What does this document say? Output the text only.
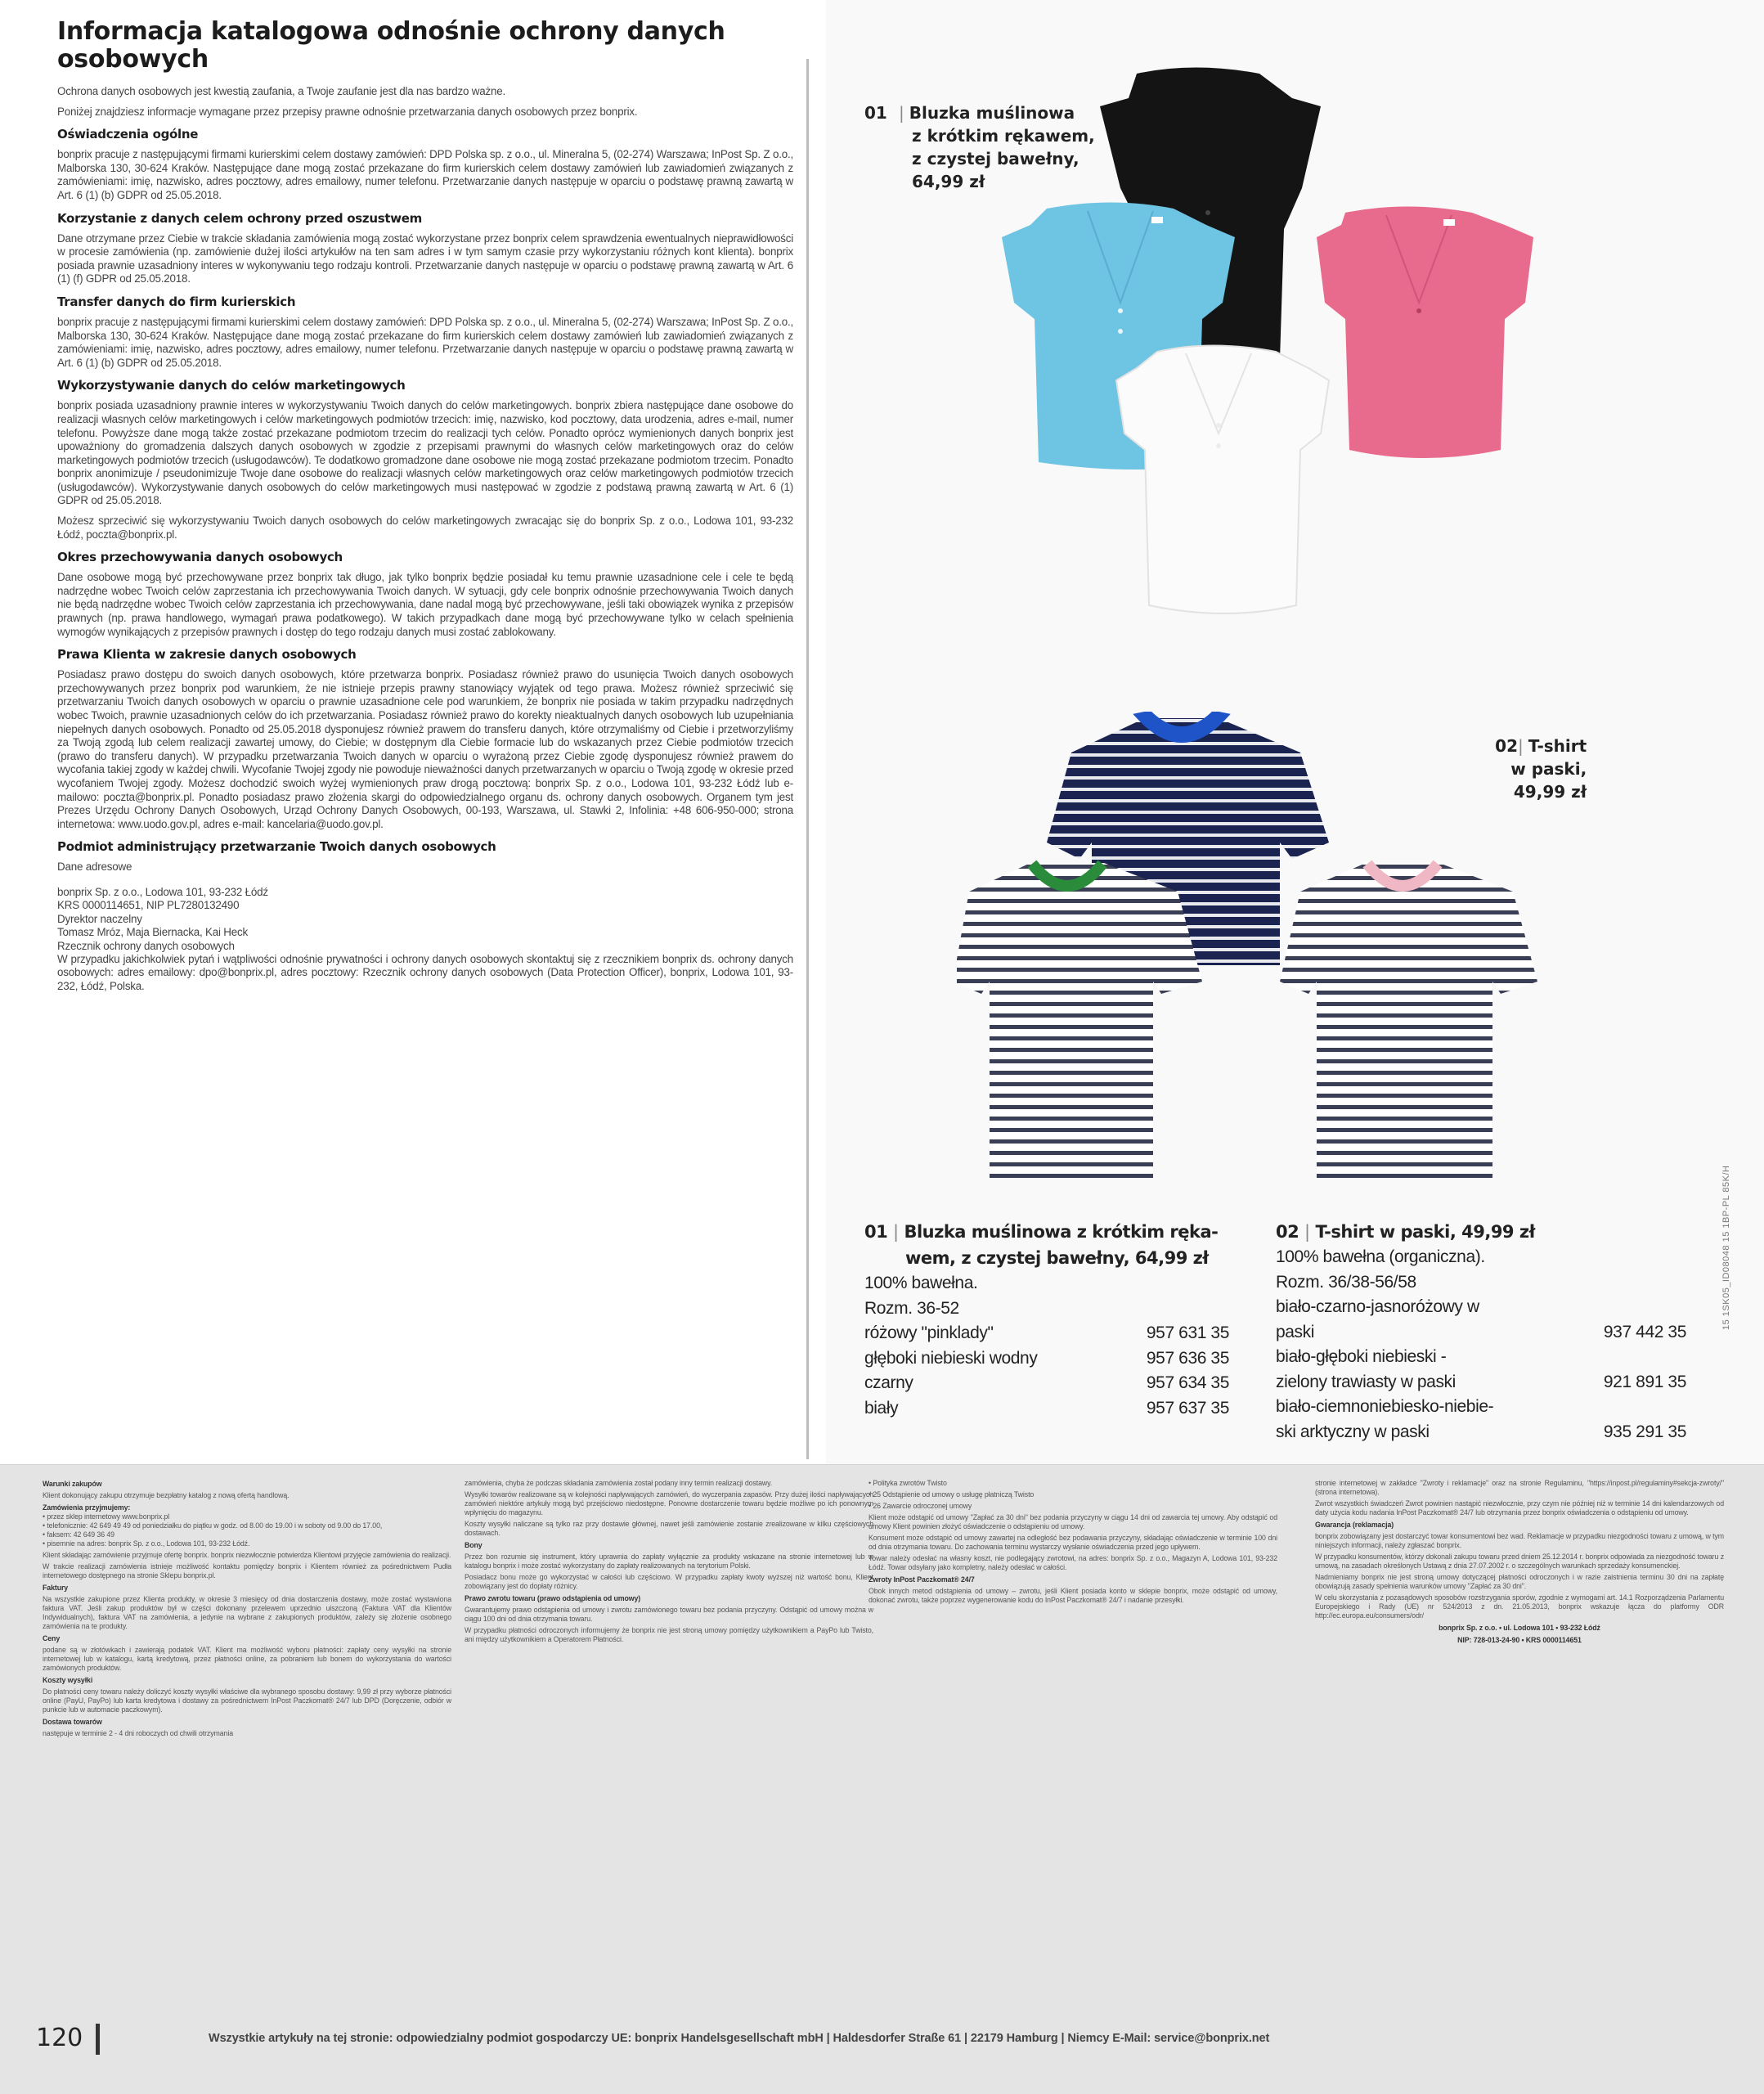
Informacja katalogowa odnośnie ochrony danych osobowych

Ochrona danych osobowych jest kwestią zaufania, a Twoje zaufanie jest dla nas bardzo ważne.

Poniżej znajdziesz informacje wymagane przez przepisy prawne odnośnie przetwarzania danych osobowych przez bonprix.

Oświadczenia ogólne

bonprix pracuje z następującymi firmami kurierskimi celem dostawy zamówień: DPD Polska sp. z o.o., ul. Mineralna 5, (02-274) Warszawa; InPost Sp. Z o.o., Malborska 130, 30-624 Kraków. Następujące dane mogą zostać przekazane do firm kurierskich celem dostawy zamówień lub zawiadomień związanych z zamówieniami: imię, nazwisko, adres pocztowy, adres emailowy, numer telefonu. Przetwarzanie danych następuje w oparciu o podstawę prawną zawartą w Art. 6 (1) (b) GDPR od 25.05.2018.

Korzystanie z danych celem ochrony przed oszustwem

Dane otrzymane przez Ciebie w trakcie składania zamówienia mogą zostać wykorzystane przez bonprix celem sprawdzenia ewentualnych nieprawidłowości w procesie zamówienia (np. zamówienie dużej ilości artykułów na ten sam adres i w tym samym czasie przy wykorzystaniu różnych kont klienta). bonprix posiada prawnie uzasadniony interes w wykonywaniu tego rodzaju kontroli. Przetwarzanie danych następuje w oparciu o podstawę prawną zawartą w Art. 6 (1) (f) GDPR od 25.05.2018.

Transfer danych do firm kurierskich

bonprix pracuje z następującymi firmami kurierskimi celem dostawy zamówień: DPD Polska sp. z o.o., ul. Mineralna 5, (02-274) Warszawa; InPost Sp. Z o.o., Malborska 130, 30-624 Kraków. Następujące dane mogą zostać przekazane do firm kurierskich celem dostawy zamówień lub zawiadomień związanych z zamówieniami: imię, nazwisko, adres pocztowy, adres emailowy, numer telefonu. Przetwarzanie danych następuje w oparciu o podstawę prawną zawartą w Art. 6 (1) (b) GDPR od 25.05.2018.

Wykorzystywanie danych do celów marketingowych

bonprix posiada uzasadniony prawnie interes w wykorzystywaniu Twoich danych do celów marketingowych. bonprix zbiera następujące dane osobowe do realizacji własnych celów marketingowych i celów marketingowych podmiotów trzecich: imię, nazwisko, kod pocztowy, data urodzenia, adres e-mail, numer telefonu. Powyższe dane mogą także zostać przekazane podmiotom trzecim do realizacji tych celów. Ponadto oprócz wymienionych danych bonprix jest upoważniony do gromadzenia dalszych danych osobowych w zgodzie z przepisami prawnymi do własnych celów marketingowych oraz do celów marketingowych podmiotów trzecich (usługodawców). Te dodatkowo gromadzone dane osobowe nie mogą zostać przekazane podmiotom trzecim. Ponadto bonprix anonimizuje / pseudonimizuje Twoje dane osobowe do realizacji własnych celów marketingowych oraz celów marketingowych podmiotów trzecich (usługodawców). Wykorzystywanie danych osobowych do celów marketingowych musi następować w zgodzie z podstawą prawną zawartą w Art. 6 (1) GDPR od 25.05.2018.

Możesz sprzeciwić się wykorzystywaniu Twoich danych osobowych do celów marketingowych zwracając się do bonprix Sp. z o.o., Lodowa 101, 93-232 Łódź, poczta@bonprix.pl.

Okres przechowywania danych osobowych

Dane osobowe mogą być przechowywane przez bonprix tak długo, jak tylko bonprix będzie posiadał ku temu prawnie uzasadnione cele i cele te będą nadrzędne wobec Twoich celów zaprzestania ich przechowywania Twoich danych. W sytuacji, gdy cele bonprix odnośnie przechowywania Twoich danych nie będą nadrzędne wobec Twoich celów zaprzestania ich przechowywania, dane nadal mogą być przechowywane, jeśli taki obowiązek wynika z przepisów prawnych (np. prawa handlowego, wymagań prawa podatkowego). W takich przypadkach dane mogą być przechowywane tylko w celach spełnienia wymogów wynikających z przepisów prawnych i dostęp do tego rodzaju danych musi zostać zablokowany.

Prawa Klienta w zakresie danych osobowych

Posiadasz prawo dostępu do swoich danych osobowych, które przetwarza bonprix. Posiadasz również prawo do usunięcia Twoich danych osobowych przechowywanych przez bonprix pod warunkiem, że nie istnieje przepis prawny stanowiący wyjątek od tego prawa. Możesz również sprzeciwić się przetwarzaniu Twoich danych osobowych w oparciu o prawnie uzasadnione cele pod warunkiem, że bonprix nie posiada w takim przypadku nadrzędnych wobec Twoich, prawnie uzasadnionych celów do ich przetwarzania. Posiadasz również prawo do korekty nieaktualnych danych osobowych lub uzupełniania niepełnych danych osobowych. Ponadto od 25.05.2018 dysponujesz również prawem do transferu danych, które otrzymaliśmy od Ciebie i przetworzyliśmy za Twoją zgodą lub celem realizacji zawartej umowy, do Ciebie; w dostępnym dla Ciebie formacie lub do wskazanych przez Ciebie podmiotów trzecich (prawo do transferu danych). W przypadku przetwarzania Twoich danych w oparciu o wyrażoną przez Ciebie zgodę dysponujesz również prawem do wycofania takiej zgody w każdej chwili. Wycofanie Twojej zgody nie powoduje nieważności danych przetwarzanych w oparciu o Twoją zgodę w okresie przed wycofaniem Twojej zgody. Możesz dochodzić swoich wyżej wymienionych praw drogą pocztową: bonprix Sp. z o.o., Lodowa 101, 93-232 Łódź lub e-mailowo: poczta@bonprix.pl. Ponadto posiadasz prawo złożenia skargi do odpowiedzialnego organu ds. ochrony danych osobowych. Organem tym jest Prezes Urzędu Ochrony Danych Osobowych, Urząd Ochrony Danych Osobowych, 00-193, Warszawa, ul. Stawki 2, Infolinia: +48 606-950-000; strona internetowa: www.uodo.gov.pl, adres e-mail: kancelaria@uodo.gov.pl.

Podmiot administrujący przetwarzanie Twoich danych osobowych

Dane adresowe

bonprix Sp. z o.o., Lodowa 101, 93-232 Łódź
KRS 0000114651, NIP PL7280132490
Dyrektor naczelny
Tomasz Mróz, Maja Biernacka, Kai Heck
Rzecznik ochrony danych osobowych
W przypadku jakichkolwiek pytań i wątpliwości odnośnie prywatności i ochrony danych osobowych skontaktuj się z rzecznikiem bonprix ds. ochrony danych osobowych: adres emailowy: dpo@bonprix.pl, adres pocztowy: Rzecznik ochrony danych osobowych (Data Protection Officer), bonprix, Lodowa 101, 93-232, Łódź, Polska.
01 | Bluzka muślinowa
z krótkim rękawem,
z czystej bawełny,
64,99 zł
02| T-shirt
w paski,
49,99 zł
15 1SK05_ID08048 15 1BP-PL 85K/H
01 | Bluzka muślinowa z krótkim ręka-
wem, z czystej bawełny, 64,99 zł
100% bawełna.
Rozm. 36-52
różowy "pinklady"	957 631 35
głęboki niebieski wodny	957 636 35
czarny	957 634 35
biały	957 637 35
02 | T-shirt w paski, 49,99 zł
100% bawełna (organiczna).
Rozm. 36/38-56/58
biało-czarno-jasnoróżowy w
paski	937 442 35
biało-głęboki niebieski -
zielony trawiasty w paski	921 891 35
biało-ciemnoniebiesko-niebie-
ski arktyczny w paski	935 291 35
Warunki zakupów

Klient dokonujący zakupu otrzymuje bezpłatny katalog z nową ofertą handlową.

Zamówienia przyjmujemy:
• przez sklep internetowy www.bonprix.pl
• telefonicznie: 42 649 49 49 od poniedziałku do piątku w godz. od 8.00 do 19.00 i w soboty od 9.00 do 17.00,
• faksem: 42 649 36 49
• pisemnie na adres: bonprix Sp. z o.o., Lodowa 101, 93-232 Łódź.

Klient składając zamówienie przyjmuje ofertę bonprix. bonprix niezwłocznie potwierdza Klientowi przyjęcie zamówienia do realizacji.

W trakcie realizacji zamówienia istnieje możliwość kontaktu pomiędzy bonprix i Klientem również za pośrednictwem Pudła internetowego dostępnego na stronie Sklepu bonprix.pl.

Faktury

Na wszystkie zakupione przez Klienta produkty, w okresie 3 miesięcy od dnia dostarczenia dostawy, może zostać wystawiona faktura VAT. Jeśli zakup produktów był w części dokonany przelewem uprzednio uiszczoną (Faktura VAT dla Klientów Indywidualnych), faktura VAT na zamówienia, a jedynie na wybrane z zakupionych produktów, zależy się złożenie osobnego zamówienia na te produkty.

Ceny

podane są w złotówkach i zawierają podatek VAT. Klient ma możliwość wyboru płatności: zapłaty ceny wysyłki na stronie internetowej lub w katalogu, kartą kredytową, przez płatności online, za pobraniem lub bonem do wykorzystania do wartości zamówionych produktów.

Koszty wysyłki

Do płatności ceny towaru należy doliczyć koszty wysyłki właściwe dla wybranego sposobu dostawy: 9,99 zł przy wyborze płatności online (PayU, PayPo) lub karta kredytowa i dostawy za pośrednictwem InPost Paczkomat® 24/7 lub DPD (Doręczenie, odbiór w punkcie lub w automacie paczkowym).

Dostawa towarów

następuje w terminie 2 - 4 dni roboczych od chwili otrzymania

zamówienia, chyba że podczas składania zamówienia został podany inny termin realizacji dostawy.

Wysyłki towarów realizowane są w kolejności napływających zamówień, do wyczerpania zapasów. Przy dużej ilości napływających zamówień niektóre artykuły mogą być przejściowo niedostępne. Ponowne dostarczenie towaru będzie możliwe po ich ponownym wpłynięciu do magazynu.

Koszty wysyłki naliczane są tylko raz przy dostawie głównej, nawet jeśli zamówienie zostanie zrealizowane w kilku częściowych dostawach.

Bony

Przez bon rozumie się instrument, który uprawnia do zapłaty wyłącznie za produkty wskazane na stronie internetowej lub w katalogu bonprix i może zostać wykorzystany do zapłaty realizowanych na terytorium Polski.

Posiadacz bonu może go wykorzystać w całości lub częściowo. W przypadku zapłaty kwoty wyższej niż wartość bonu, Klient zobowiązany jest do dopłaty różnicy.

Prawo zwrotu towaru (prawo odstąpienia od umowy)

Gwarantujemy prawo odstąpienia od umowy i zwrotu zamówionego towaru bez podania przyczyny. Odstąpić od umowy można w ciągu 100 dni od dnia otrzymania towaru.

W przypadku płatności odroczonych informujemy że bonprix nie jest stroną umowy pomiędzy użytkownikiem a PayPo lub Twisto, ani między użytkownikiem a Operatorem Płatności.

• Polityka zwrotów Twisto

• 25 Odstąpienie od umowy o usługę płatniczą Twisto

• 26 Zawarcie odroczonej umowy

Klient może odstąpić od umowy "Zapłać za 30 dni" bez podania przyczyny w ciągu 14 dni od zawarcia tej umowy. Aby odstąpić od umowy Klient powinien złożyć oświadczenie o odstąpieniu od umowy.

Konsument może odstąpić od umowy zawartej na odległość bez podawania przyczyny, składając oświadczenie w terminie 100 dni od dnia otrzymania towaru. Do zachowania terminu wystarczy wysłanie oświadczenia przed jego upływem.

Towar należy odesłać na własny koszt, nie podlegający zwrotowi, na adres: bonprix Sp. z o.o., Magazyn A, Lodowa 101, 93-232 Łódź. Towar odsyłany jako kompletny, należy odesłać w całości.

Zwroty InPost Paczkomat® 24/7

Obok innych metod odstąpienia od umowy – zwrotu, jeśli Klient posiada konto w sklepie bonprix, może odstąpić od umowy, dokonać zwrotu, także poprzez wygenerowanie kodu do InPost Paczkomat® 24/7 i nadanie przesyłki.

stronie internetowej w zakładce "Zwroty i reklamacje" oraz na stronie Regulaminu, "https://inpost.pl/regulaminy#sekcja-zwroty/" (strona internetowa).

Zwrot wszystkich świadczeń Zwrot powinien nastąpić niezwłocznie, przy czym nie później niż w terminie 14 dni kalendarzowych od daty użycia kodu nadania InPost Paczkomat® 24/7 lub otrzymania przez bonprix oświadczenia o odstąpieniu od umowy.

Gwarancja (reklamacja)

bonprix zobowiązany jest dostarczyć towar konsumentowi bez wad. Reklamacje w przypadku niezgodności towaru z umową, w tym niniejszych informacji, należy zgłaszać bonprix.

W przypadku konsumentów, którzy dokonali zakupu towaru przed dniem 25.12.2014 r. bonprix odpowiada za niezgodność towaru z umową, na zasadach określonych Ustawą z dnia 27.07.2002 r. o szczególnych warunkach sprzedaży konsumenckiej.

Nadmieniamy bonprix nie jest stroną umowy dotyczącej płatności odroczonych i w razie zaistnienia terminu 30 dni na zapłatę obowiązują zasady spełnienia warunków umowy "Zapłać za 30 dni".

W celu skorzystania z pozasądowych sposobów rozstrzygania sporów, zgodnie z wymogami art. 14.1 Rozporządzenia Parlamentu Europejskiego i Rady (UE) nr 524/2013 z dn. 21.05.2013, bonprix wskazuje łącza do platformy ODR http://ec.europa.eu/consumers/odr/

bonprix Sp. z o.o. • ul. Lodowa 101 • 93-232 Łódź
NIP: 728-013-24-90 • KRS 0000114651
120	Wszystkie artykuły na tej stronie: odpowiedzialny podmiot gospodarczy UE: bonprix Handelsgesellschaft mbH | Haldesdorfer Straße 61 | 22179 Hamburg | Niemcy E-Mail: service@bonprix.net
